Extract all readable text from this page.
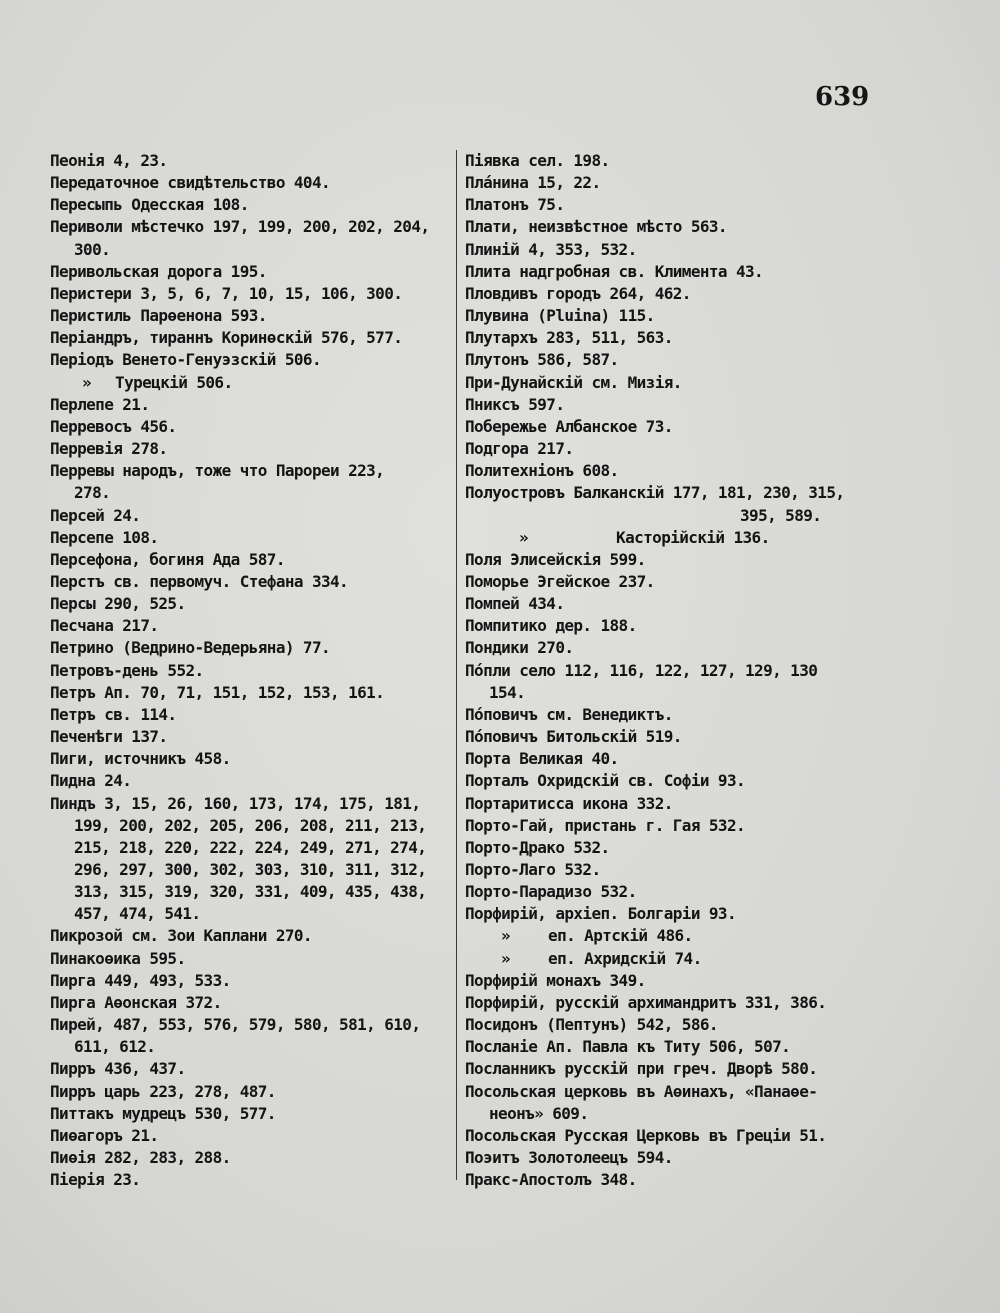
639
Пеонія 4, 23.
Передаточное свидѣтельство 404.
Пересыпь Одесская 108.
Периволи мѣстечко 197, 199, 200, 202, 204,
300.
Перивольская дорога 195.
Перистери 3, 5, 6, 7, 10, 15, 106, 300.
Перистиль Парѳенона 593.
Періандръ, тираннъ Коринѳскій 576, 577.
Періодъ Венето-Генуэзскій 506.
» Турецкій 506.
Перлепе 21.
Перревосъ 456.
Перревія 278.
Перревы народъ, тоже что Пароpеи 223,
278.
Персей 24.
Персепе 108.
Персефона, богиня Ада 587.
Перстъ св. первомуч. Стефана 334.
Персы 290, 525.
Песчана 217.
Петрино (Ведрино-Ведерьяна) 77.
Петровъ-день 552.
Петръ Ап. 70, 71, 151, 152, 153, 161.
Петръ св. 114.
Печенѣги 137.
Пиги, источникъ 458.
Пидна 24.
Пиндъ 3, 15, 26, 160, 173, 174, 175, 181,
199, 200, 202, 205, 206, 208, 211, 213,
215, 218, 220, 222, 224, 249, 271, 274,
296, 297, 300, 302, 303, 310, 311, 312,
313, 315, 319, 320, 331, 409, 435, 438,
457, 474, 541.
Пикрозой см. Зои Каплани 270.
Пинакоѳика 595.
Пирга 449, 493, 533.
Пирга Аѳонская 372.
Пирей, 487, 553, 576, 579, 580, 581, 610,
611, 612.
Пирръ 436, 437.
Пирръ царь 223, 278, 487.
Питтакъ мудрецъ 530, 577.
Пиѳагоръ 21.
Пиѳія 282, 283, 288.
Піерія 23.
Піявка сел. 198.
Пла́нина 15, 22.
Платонъ 75.
Плати, неизвѣстное мѣсто 563.
Плиній 4, 353, 532.
Плита надгробная св. Климента 43.
Пловдивъ городъ 264, 462.
Плувина (Pluina) 115.
Плутархъ 283, 511, 563.
Плутонъ 586, 587.
При-Дунайскій см. Мизія.
Пниксъ 597.
Побережье Албанское 73.
Подгора 217.
Политехніонъ 608.
Полуостровъ Балканскій 177, 181, 230, 315,
395, 589.
»	Касторійскій 136.
Поля Элисейскія 599.
Поморье Эгейское 237.
Помпей 434.
Помпитико дер. 188.
Пондики 270.
По́пли село 112, 116, 122, 127, 129, 130
154.
По́повичъ см. Венедиктъ.
По́повичъ Битольскій 519.
Порта Великая 40.
Порталъ Охридскій св. Софіи 93.
Портаритисса икона 332.
Порто-Гай, пристань г. Гая 532.
Порто-Драко 532.
Порто-Лаго 532.
Порто-Парадизо 532.
Порфирій, архіеп. Болгаріи 93.
» еп. Артскій 486.
» еп. Ахридскій 74.
Порфирій монахъ 349.
Порфирій, русскій архимандритъ 331, 386.
Посидонъ (Пептунъ) 542, 586.
Посланіе Ап. Павла къ Титу 506, 507.
Посланникъ русскій при греч. Дворѣ 580.
Посольская церковь въ Аѳинахъ, «Панаѳе-
неонъ» 609.
Посольская Русская Церковь въ Греціи 51.
Поэитъ Золотолеецъ 594.
Пракс-Апостолъ 348.
